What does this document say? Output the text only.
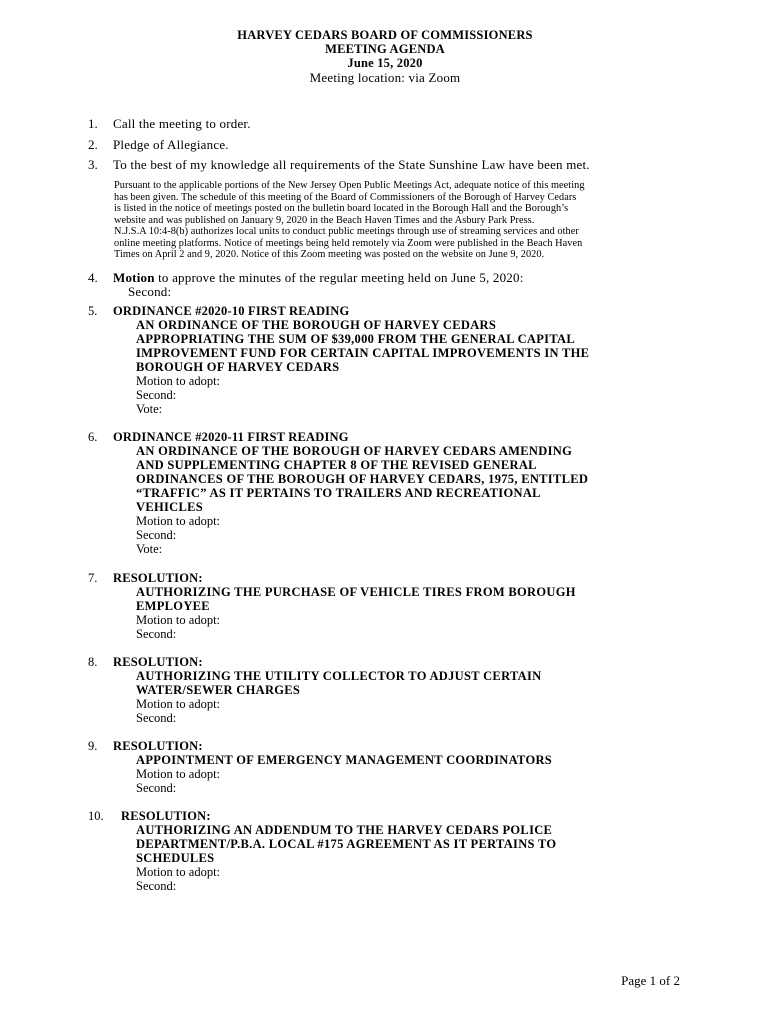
HARVEY CEDARS BOARD OF COMMISSIONERS
MEETING AGENDA
June 15, 2020
Meeting location: via Zoom
1. Call the meeting to order.
2. Pledge of Allegiance.
3. To the best of my knowledge all requirements of the State Sunshine Law have been met.
Pursuant to the applicable portions of the New Jersey Open Public Meetings Act, adequate notice of this meeting
has been given. The schedule of this meeting of the Board of Commissioners of the Borough of Harvey Cedars
is listed in the notice of meetings posted on the bulletin board located in the Borough Hall and the Borough’s
website and was published on January 9, 2020 in the Beach Haven Times and the Asbury Park Press.
N.J.S.A 10:4-8(b) authorizes local units to conduct public meetings through use of streaming services and other
online meeting platforms. Notice of meetings being held remotely via Zoom were published in the Beach Haven
Times on April 2 and 9, 2020. Notice of this Zoom meeting was posted on the website on June 9, 2020.
4. Motion to approve the minutes of the regular meeting held on June 5, 2020:
Second:
5. ORDINANCE #2020-10 FIRST READING
AN ORDINANCE OF THE BOROUGH OF HARVEY CEDARS
APPROPRIATING THE SUM OF $39,000 FROM THE GENERAL CAPITAL
IMPROVEMENT FUND FOR CERTAIN CAPITAL IMPROVEMENTS IN THE
BOROUGH OF HARVEY CEDARS
Motion to adopt:
Second:
Vote:
6. ORDINANCE #2020-11 FIRST READING
AN ORDINANCE OF THE BOROUGH OF HARVEY CEDARS AMENDING
AND SUPPLEMENTING CHAPTER 8 OF THE REVISED GENERAL
ORDINANCES OF THE BOROUGH OF HARVEY CEDARS, 1975, ENTITLED
“TRAFFIC” AS IT PERTAINS TO TRAILERS AND RECREATIONAL
VEHICLES
Motion to adopt:
Second:
Vote:
7. RESOLUTION:
AUTHORIZING THE PURCHASE OF VEHICLE TIRES FROM BOROUGH
EMPLOYEE
Motion to adopt:
Second:
8. RESOLUTION:
AUTHORIZING THE UTILITY COLLECTOR TO ADJUST CERTAIN
WATER/SEWER CHARGES
Motion to adopt:
Second:
9. RESOLUTION:
APPOINTMENT OF EMERGENCY MANAGEMENT COORDINATORS
Motion to adopt:
Second:
10. RESOLUTION:
AUTHORIZING AN ADDENDUM TO THE HARVEY CEDARS POLICE
DEPARTMENT/P.B.A. LOCAL #175 AGREEMENT AS IT PERTAINS TO
SCHEDULES
Motion to adopt:
Second:
Page 1 of 2
